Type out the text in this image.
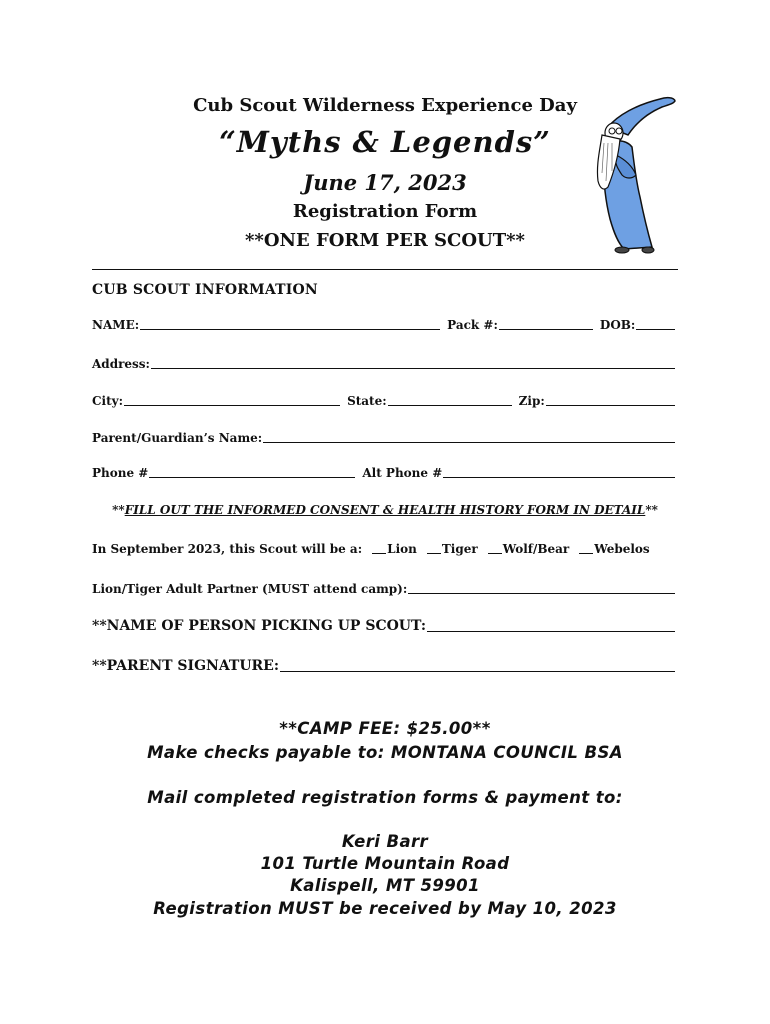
Cub Scout Wilderness Experience Day
“Myths & Legends”
June 17, 2023
Registration Form
**ONE FORM PER SCOUT**
CUB SCOUT INFORMATION
NAME:	Pack #:	DOB:
Address:
City:	State:	Zip:
Parent/Guardian’s Name:
Phone #	Alt Phone #
**FILL OUT THE INFORMED CONSENT & HEALTH HISTORY FORM IN DETAIL**
In September 2023, this Scout will be a: Lion Tiger Wolf/Bear Webelos
Lion/Tiger Adult Partner (MUST attend camp):
**NAME OF PERSON PICKING UP SCOUT:
**PARENT SIGNATURE:
**CAMP FEE: $25.00**
Make checks payable to: MONTANA COUNCIL BSA
Mail completed registration forms & payment to:
Keri Barr
101 Turtle Mountain Road
Kalispell, MT 59901
Registration MUST be received by May 10, 2023
